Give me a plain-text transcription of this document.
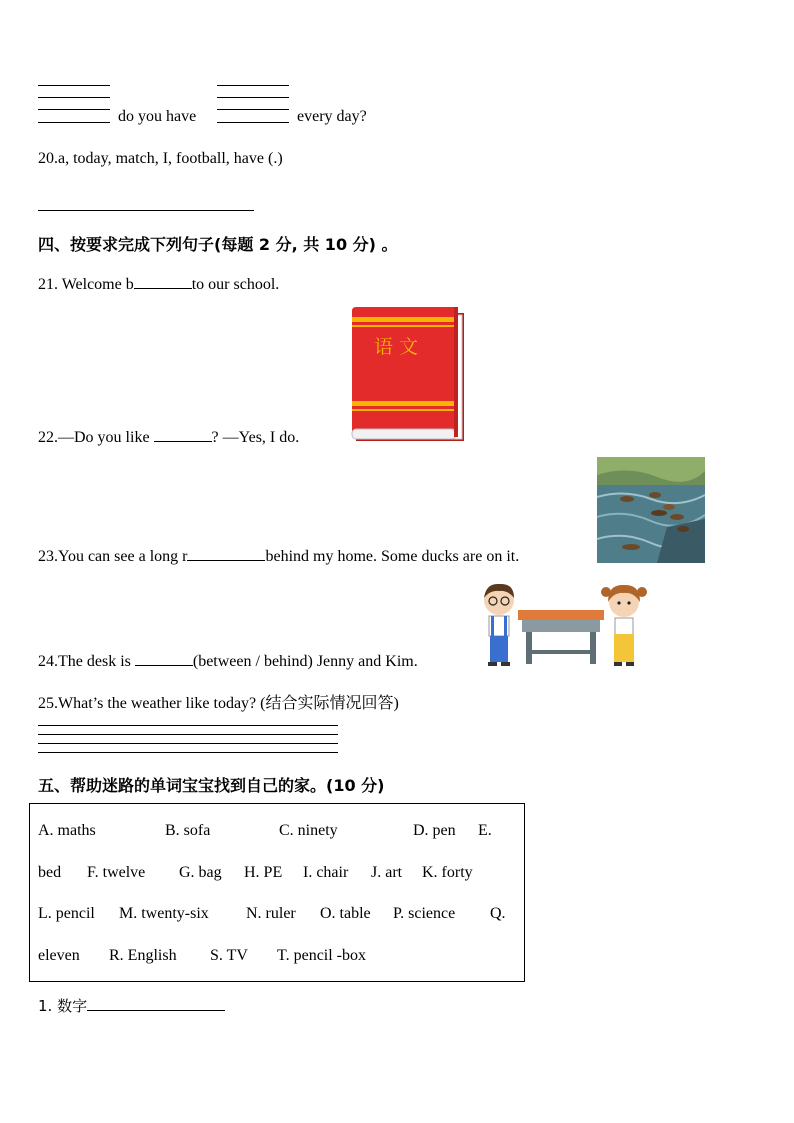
do you have	every day?
20.a, today, match, I, football, have (.)
四、按要求完成下列句子(每题 2 分, 共 10 分) 。
21. Welcome b	to our school.
语 文
22.—Do you like	? —Yes, I do.
23.You can see a long r	behind my home. Some ducks are on it.
24.The desk is	(between / behind) Jenny and Kim.
25.What’s the weather like today? (结合实际情况回答)
五、帮助迷路的单词宝宝找到自己的家。(10 分)
A. maths	B. sofa	C. ninety	D. pen E.
bed F. twelve G. bag H. PE I. chair J. art K. forty
L. pencil M. twenty-six N. ruler O. table P. science Q.
eleven R. English S. TV T. pencil -box
1. 数字
